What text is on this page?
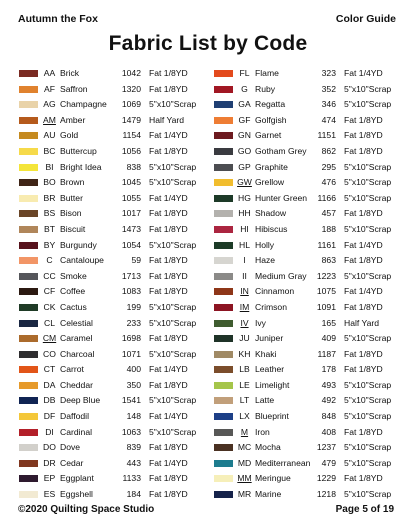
Autumn the Fox	Color Guide
Fabric List by Code
AA Brick	1042 Fat 1/8YD
AF Saffron	1320 Fat 1/8YD
AG Champagne	1069 5"x10"Scrap
AM Amber	1479 Half Yard
AU Gold	1154 Fat 1/4YD
BC Buttercup	1056 Fat 1/8YD
BI Bright Idea	838 5"x10"Scrap
BO Brown	1045 5"x10"Scrap
BR Butter	1055 Fat 1/4YD
BS Bison	1017 Fat 1/8YD
BT Biscuit	1473 Fat 1/8YD
BY Burgundy	1054 5"x10"Scrap
C Cantaloupe	59 Fat 1/8YD
CC Smoke	1713 Fat 1/8YD
CF Coffee	1083 Fat 1/8YD
CK Cactus	199 5"x10"Scrap
CL Celestial	233 5"x10"Scrap
CM Caramel	1698 Fat 1/8YD
CO Charcoal	1071 5"x10"Scrap
CT Carrot	400 Fat 1/4YD
DA Cheddar	350 Fat 1/8YD
DB Deep Blue	1541 5"x10"Scrap
DF Daffodil	148 Fat 1/4YD
DI Cardinal	1063 5"x10"Scrap
DO Dove	839 Fat 1/8YD
DR Cedar	443 Fat 1/4YD
EP Eggplant	1133 Fat 1/8YD
ES Eggshell	184 Fat 1/8YD
FL Flame	323 Fat 1/4YD
G Ruby	352 5"x10"Scrap
GA Regatta	346 5"x10"Scrap
GF Golfgish	474 Fat 1/8YD
GN Garnet	1151 Fat 1/8YD
GO Gotham Grey	862 Fat 1/8YD
GP Graphite	295 5"x10"Scrap
GW Grellow	476 5"x10"Scrap
HG Hunter Green	1166 5"x10"Scrap
HH Shadow	457 Fat 1/8YD
HI Hibiscus	188 5"x10"Scrap
HL Holly	1161 Fat 1/4YD
I	Haze	863 Fat 1/8YD
II Medium Gray	1223 5"x10"Scrap
IN Cinnamon	1075 Fat 1/4YD
IM Crimson	1091 Fat 1/8YD
IV Ivy	165 Half Yard
JU Juniper	409 5"x10"Scrap
KH Khaki	1187 Fat 1/8YD
LB Leather	178 Fat 1/8YD
LE Limelight	493 5"x10"Scrap
LT Latte	492 5"x10"Scrap
LX Blueprint	848 5"x10"Scrap
M Iron	408 Fat 1/8YD
MC Mocha	1237 5"x10"Scrap
MD Mediterranean	479 5"x10"Scrap
MM Meringue	1229 Fat 1/8YD
MR Marine	1218 5"x10"Scrap
©2020 Quilting Space Studio	Page 5 of 19
